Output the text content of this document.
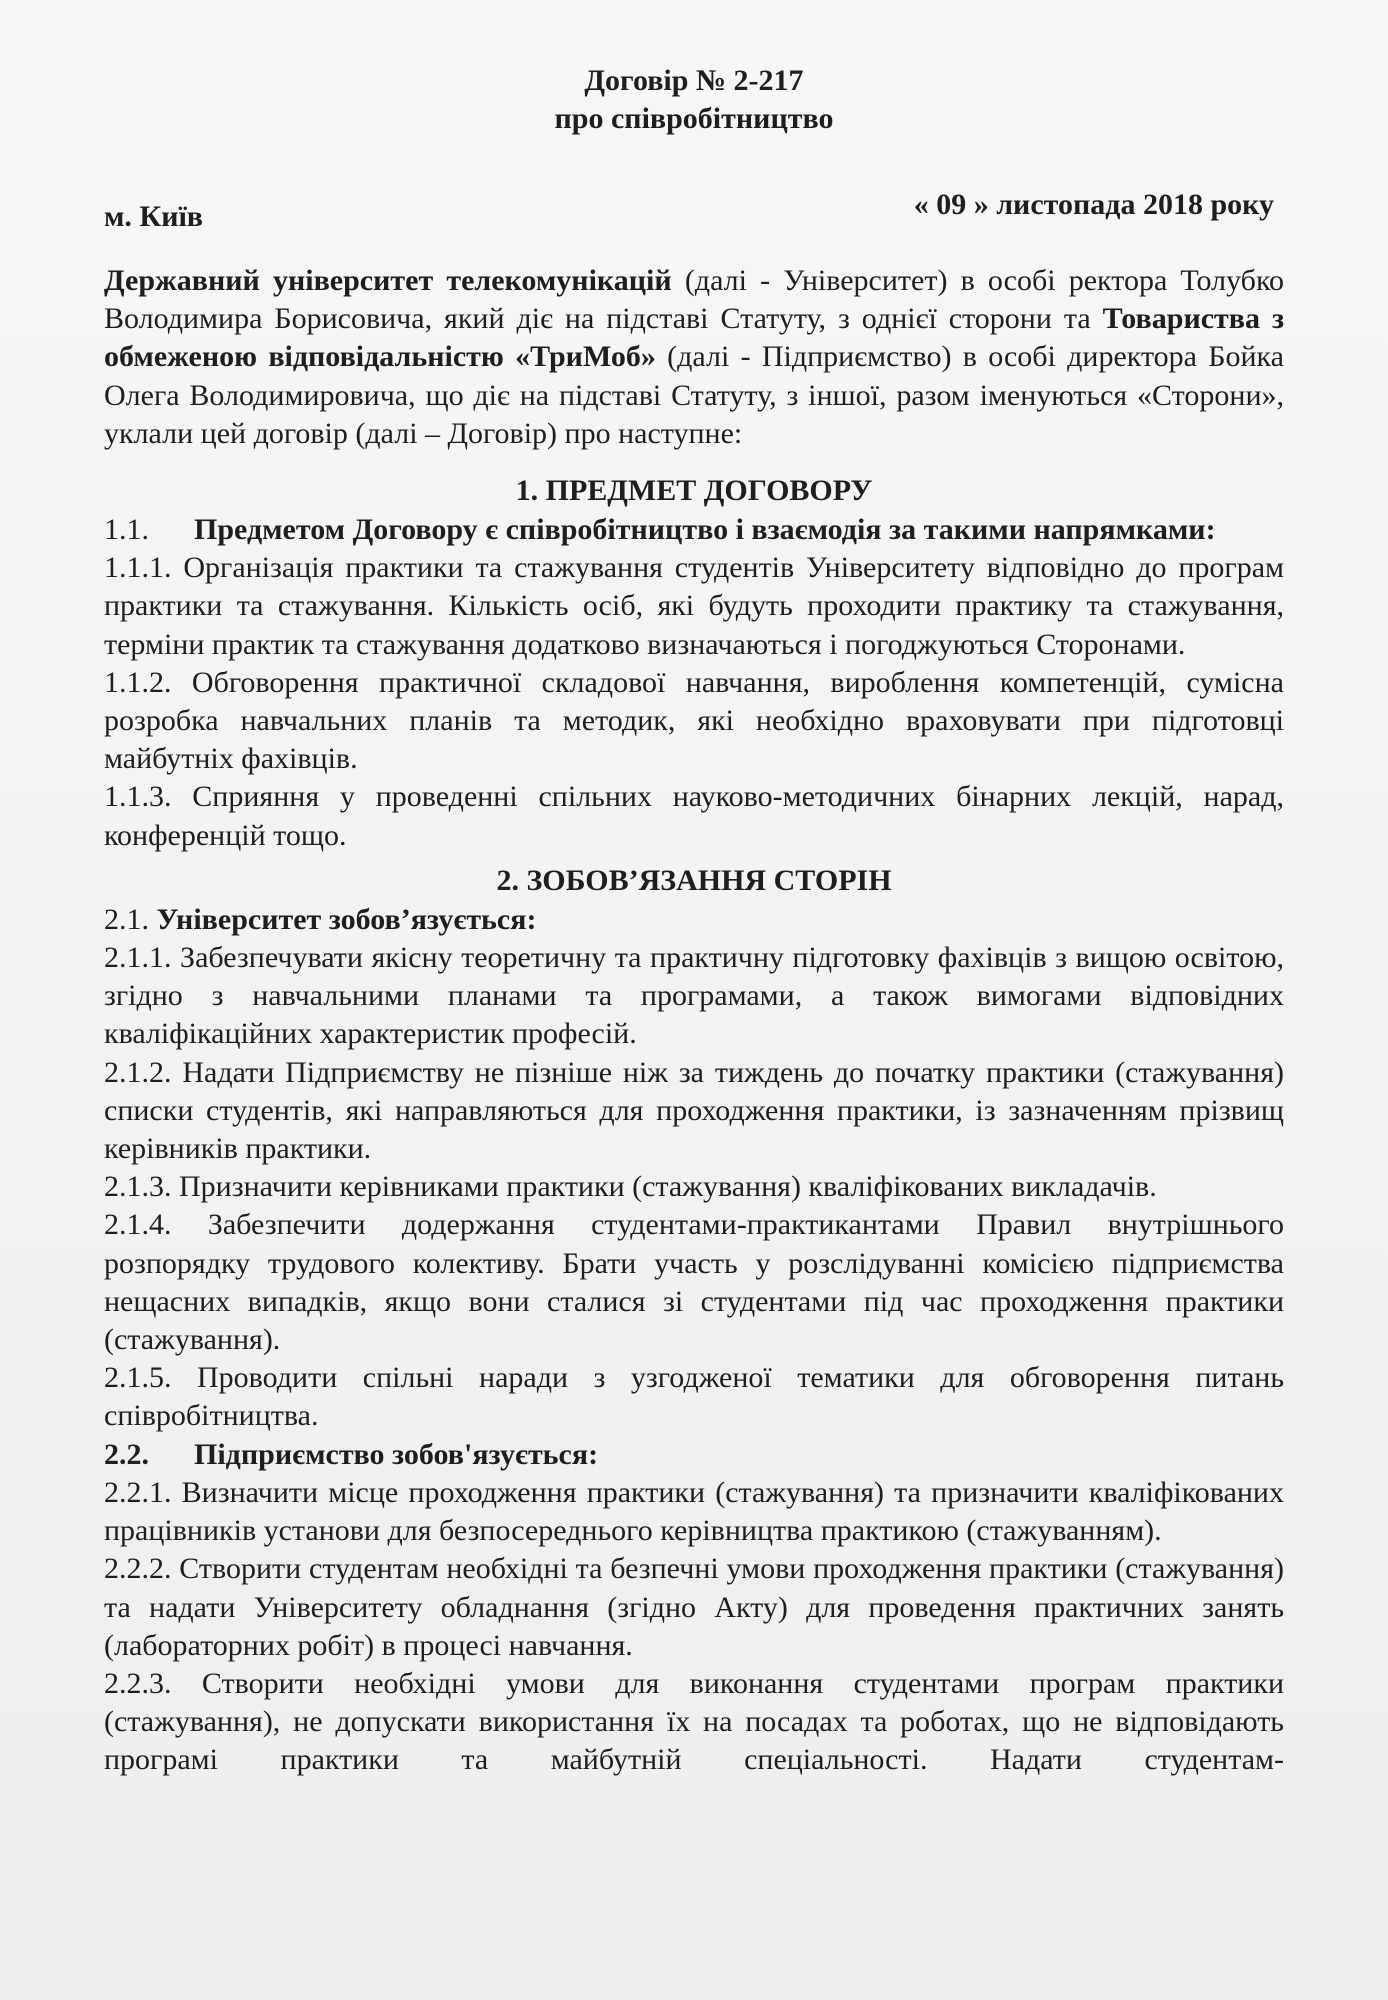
Договір № 2-217
про співробітництво
м. Київ	« 09 » листопада 2018 року

Державний університет телекомунікацій (далі - Університет) в особі ректора Толубко Володимира Борисовича, який діє на підставі Статуту, з однієї сторони та Товариства з обмеженою відповідальністю «ТриМоб» (далі - Підприємство) в особі директора Бойка Олега Володимировича, що діє на підставі Статуту, з іншої, разом іменуються «Сторони», уклали цей договір (далі – Договір) про наступне:

1. ПРЕДМЕТ ДОГОВОРУ
1.1.	Предметом Договору є співробітництво і взаємодія за такими напрямками:

1.1.1. Організація практики та стажування студентів Університету відповідно до програм практики та стажування. Кількість осіб, які будуть проходити практику та стажування, терміни практик та стажування додатково визначаються і погоджуються Сторонами.

1.1.2. Обговорення практичної складової навчання, вироблення компетенцій, сумісна розробка навчальних планів та методик, які необхідно враховувати при підготовці майбутніх фахівців.

1.1.3. Сприяння у проведенні спільних науково-методичних бінарних лекцій, нарад, конференцій тощо.

2. ЗОБОВ’ЯЗАННЯ СТОРІН

2.1. Університет зобов’язується:

2.1.1. Забезпечувати якісну теоретичну та практичну підготовку фахівців з вищою освітою, згідно з навчальними планами та програмами, а також вимогами відповідних кваліфікаційних характеристик професій.

2.1.2. Надати Підприємству не пізніше ніж за тиждень до початку практики (стажування) списки студентів, які направляються для проходження практики, із зазначенням прізвищ керівників практики.

2.1.3. Призначити керівниками практики (стажування) кваліфікованих викладачів.

2.1.4. Забезпечити додержання студентами-практикантами Правил внутрішнього розпорядку трудового колективу. Брати участь у розслідуванні комісією підприємства нещасних випадків, якщо вони сталися зі студентами під час проходження практики (стажування).

2.1.5. Проводити спільні наради з узгодженої тематики для обговорення питань співробітництва.

2.2.	Підприємство зобов'язується:

2.2.1. Визначити місце проходження практики (стажування) та призначити кваліфікованих працівників установи для безпосереднього керівництва практикою (стажуванням).

2.2.2. Створити студентам необхідні та безпечні умови проходження практики (стажування) та надати Університету обладнання (згідно Акту) для проведення практичних занять (лабораторних робіт) в процесі навчання.

2.2.3. Створити необхідні умови для виконання студентами програм практики (стажування), не допускати використання їх на посадах та роботах, що не відповідають програмі практики та майбутній спеціальності. Надати студентам-
